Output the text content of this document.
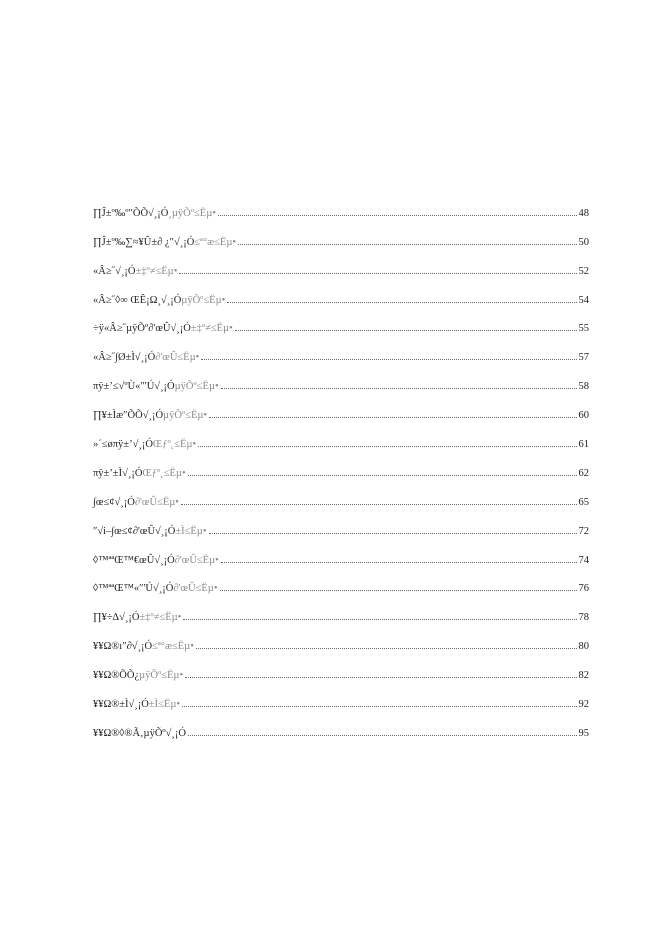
∏Ĵ±º‰º″ÕÕ√¸¡Ó¸µÿÕº≤Ëµ•	48
∏Ĵ±º‰∑≈¥Û±∂ ¿″√¸¡Ó≤ª°æ≤Ëµ•	50
«Â≥˝√¸¡Ó±‡º≠≤Ëµ•	52
«Â≥˝◊∞ ŒÊ¡Ω¸√¸¡ÓµÿÕº≤Ëµ•	54
÷ÿ«Â≥˝µÿÕº∂'œÛ√¸¡Ó±‡º≠≤Ëµ•	55
«Â≥˝∫Ø±Ì√¸¡Ó∂'œÛ≤Ëµ•	57
πÿ±’≤√ºÙ«″'Ú√¸¡ÓµÿÕº≤Ëµ•	58
∏¥±Ìæ″ÕÕ√¸¡ÓµÿÕº≤Ëµ•	60
»´≤øπÿ±’√¸¡ÓŒƒº˛≤Ëµ•	61
πÿ±’±Ì√¸¡ÓŒƒº˛≤Ëµ•	62
∫œ≤¢√¸¡Ó∂'œÛ≤Ëµ•	65
″√i–∫œ≤¢∂'œÛ√¸¡Ó±Ì≤Ëµ•	72
◊™ªªŒ™€œÛ√¸¡Ó∂'œÛ≤Ëµ•	74
◊™ªªŒ™«″'Ú√¸¡Ó∂'œÛ≤Ëµ•	76
∏¥÷∆√¸¡Ó±‡º≠≤Ëµ•	78
¥¥Ω®ı″∂√¸¡Ó≤ª°æ≤Ëµ•	80
¥¥Ω®ÕÕ¿µÿÕº≤Ëµ•	82
¥¥Ω®±Ì√¸¡Ó±Ì≤Ëµ•	92
¥¥Ω®◊®Ã‚µÿÕº√¸¡Ó	95
